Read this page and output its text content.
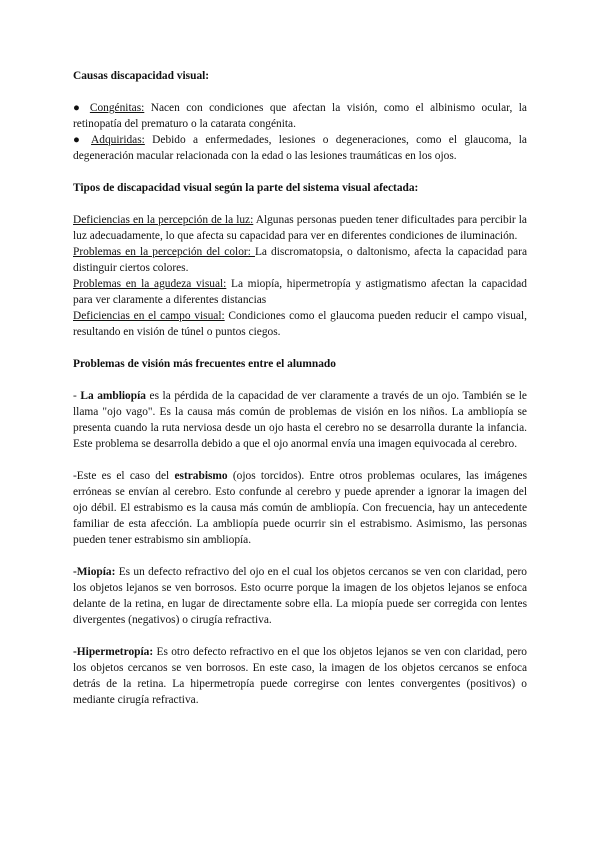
Causas discapacidad visual:

● Congénitas: Nacen con condiciones que afectan la visión, como el albinismo ocular, la retinopatía del prematuro o la catarata congénita.

● Adquiridas: Debido a enfermedades, lesiones o degeneraciones, como el glaucoma, la degeneración macular relacionada con la edad o las lesiones traumáticas en los ojos.

Tipos de discapacidad visual según la parte del sistema visual afectada:

Deficiencias en la percepción de la luz: Algunas personas pueden tener dificultades para percibir la luz adecuadamente, lo que afecta su capacidad para ver en diferentes condiciones de iluminación.

Problemas en la percepción del color: La discromatopsia, o daltonismo, afecta la capacidad para distinguir ciertos colores.

Problemas en la agudeza visual: La miopía, hipermetropía y astigmatismo afectan la capacidad para ver claramente a diferentes distancias

Deficiencias en el campo visual: Condiciones como el glaucoma pueden reducir el campo visual, resultando en visión de túnel o puntos ciegos.

Problemas de visión más frecuentes entre el alumnado

- La ambliopía es la pérdida de la capacidad de ver claramente a través de un ojo. También se le llama "ojo vago". Es la causa más común de problemas de visión en los niños. La ambliopía se presenta cuando la ruta nerviosa desde un ojo hasta el cerebro no se desarrolla durante la infancia. Este problema se desarrolla debido a que el ojo anormal envía una imagen equivocada al cerebro.

-Este es el caso del estrabismo (ojos torcidos). Entre otros problemas oculares, las imágenes erróneas se envían al cerebro. Esto confunde al cerebro y puede aprender a ignorar la imagen del ojo débil. El estrabismo es la causa más común de ambliopía. Con frecuencia, hay un antecedente familiar de esta afección. La ambliopía puede ocurrir sin el estrabismo. Asimismo, las personas pueden tener estrabismo sin ambliopía.

-Miopía: Es un defecto refractivo del ojo en el cual los objetos cercanos se ven con claridad, pero los objetos lejanos se ven borrosos. Esto ocurre porque la imagen de los objetos lejanos se enfoca delante de la retina, en lugar de directamente sobre ella. La miopía puede ser corregida con lentes divergentes (negativos) o cirugía refractiva.

-Hipermetropía: Es otro defecto refractivo en el que los objetos lejanos se ven con claridad, pero los objetos cercanos se ven borrosos. En este caso, la imagen de los objetos cercanos se enfoca detrás de la retina. La hipermetropía puede corregirse con lentes convergentes (positivos) o mediante cirugía refractiva.
